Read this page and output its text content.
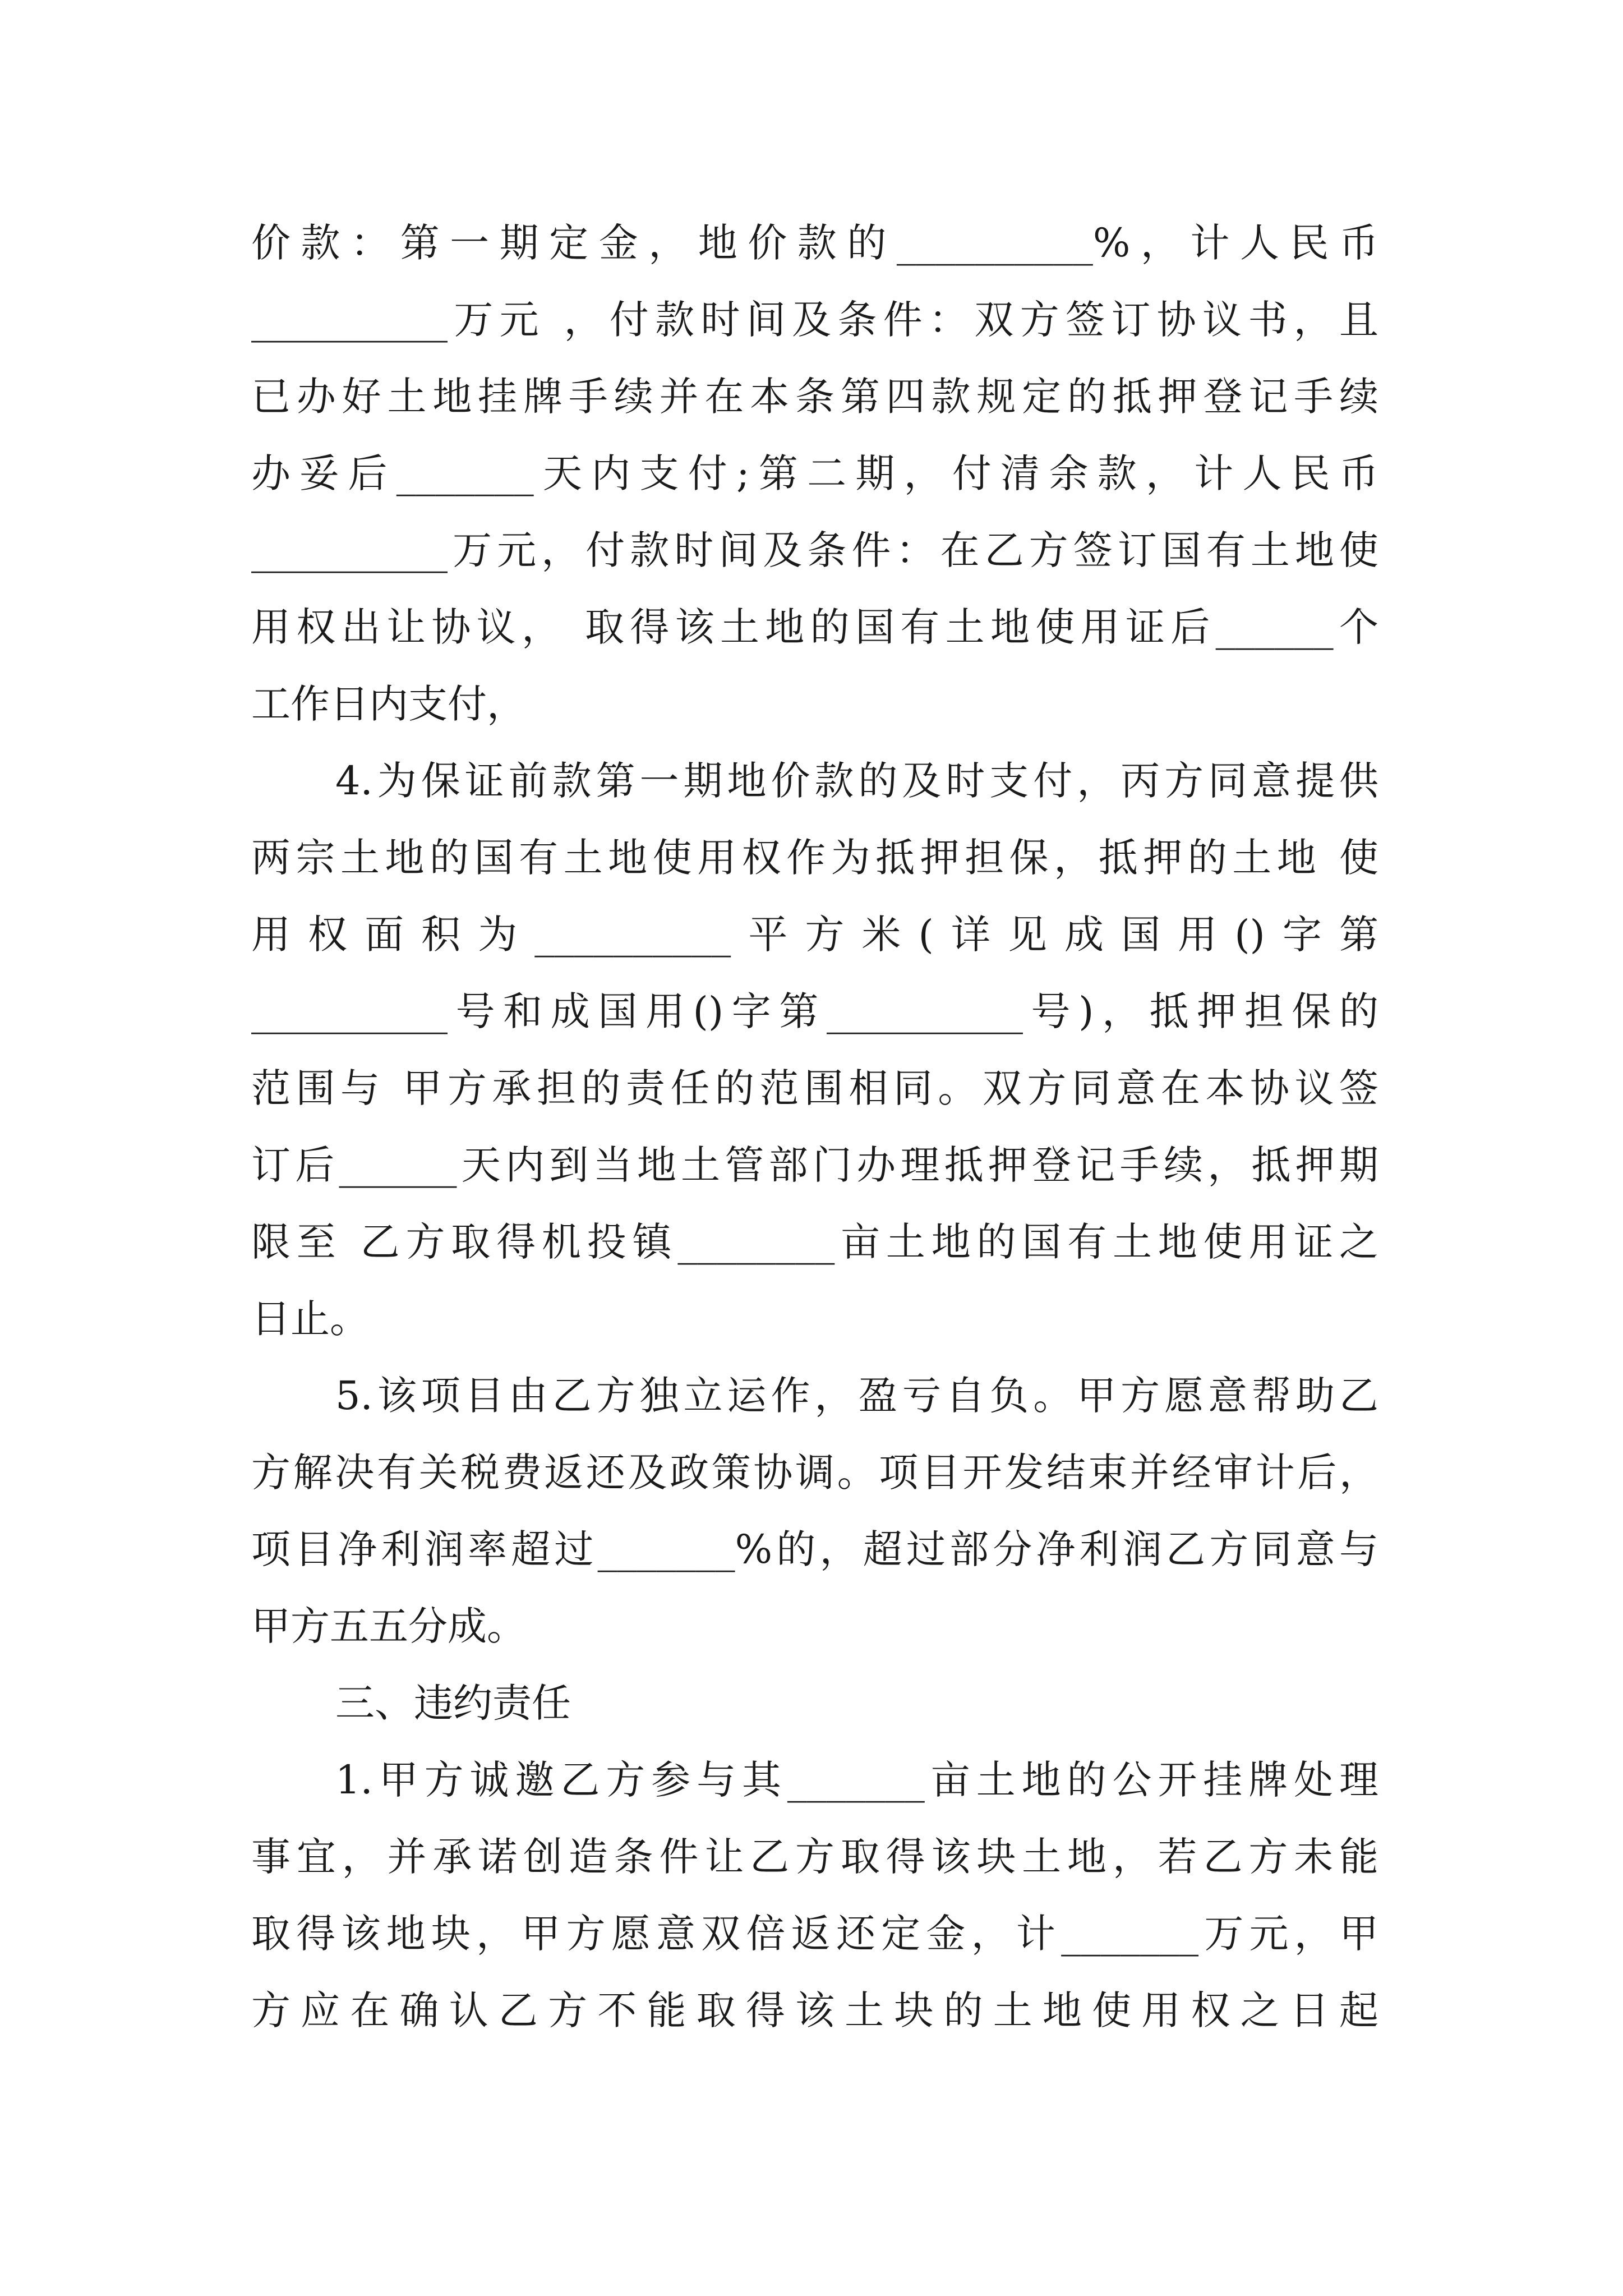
价款：第一期定金，地价款的__________%，计人民币
__________万元 ，付款时间及条件：双方签订协议书，且
已办好土地挂牌手续并在本条第四款规定的抵押登记手续
办妥后_______天内支付;第二期，付清余款，计人民币
__________万元，付款时间及条件：在乙方签订国有土地使
用权出让协议， 取得该土地的国有土地使用证后______个
工作日内支付，
4.为保证前款第一期地价款的及时支付，丙方同意提供
两宗土地的国有土地使用权作为抵押担保，抵押的土地 使
用权面积为__________平方米(详见成国用()字第
__________号和成国用()字第__________号)，抵押担保的
范围与 甲方承担的责任的范围相同。双方同意在本协议签
订后______天内到当地土管部门办理抵押登记手续，抵押期
限至 乙方取得机投镇________亩土地的国有土地使用证之
日止。
5.该项目由乙方独立运作，盈亏自负。甲方愿意帮助乙
方解决有关税费返还及政策协调。项目开发结束并经审计后，
项目净利润率超过_______%的，超过部分净利润乙方同意与
甲方五五分成。
三、违约责任
1.甲方诚邀乙方参与其_______亩土地的公开挂牌处理
事宜，并承诺创造条件让乙方取得该块土地，若乙方未能
取得该地块，甲方愿意双倍返还定金，计_______万元，甲
方应在确认乙方不能取得该土块的土地使用权之日起
